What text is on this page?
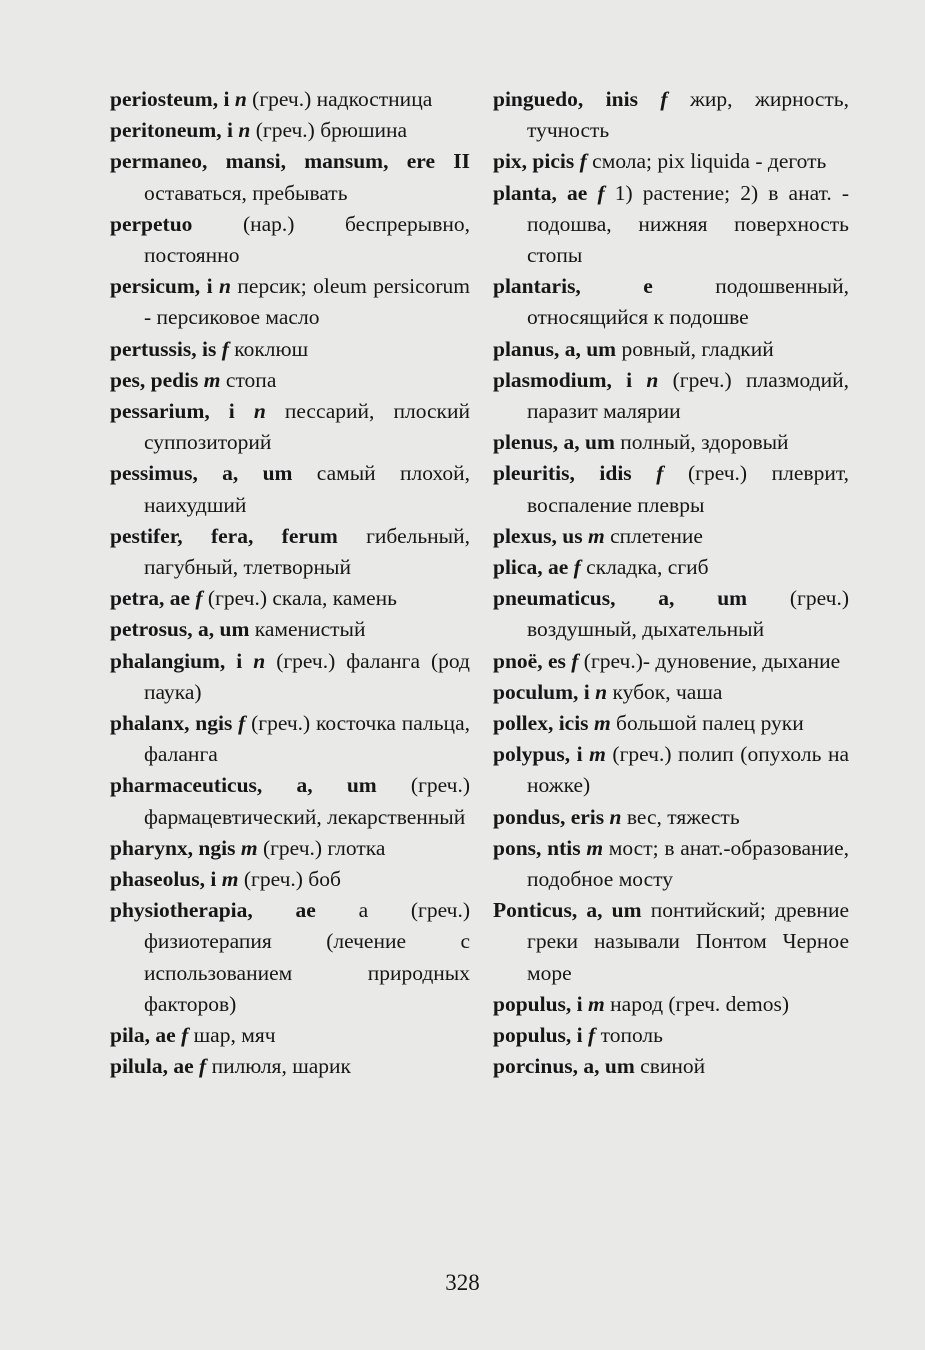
periosteum, i n (греч.) надкостница
peritoneum, i n (греч.) брюшина
permaneo, mansi, mansum, ere II оставаться, пребывать
perpetuo (нар.) беспрерывно, постоянно
persicum, i n персик; oleum persicorum - персиковое масло
pertussis, is f коклюш
pes, pedis m стопа
pessarium, i n пессарий, плоский суппозиторий
pessimus, a, um самый плохой, наихудший
pestifer, fera, ferum гибельный, пагубный, тлетворный
petra, ae f (греч.) скала, камень
petrosus, a, um каменистый
phalangium, i n (греч.) фаланга (род паука)
phalanx, ngis f (греч.) косточка пальца, фаланга
pharmaceuticus, a, um (греч.) фармацевтический, лекарственный
pharynx, ngis m (греч.) глотка
phaseolus, i m (греч.) боб
physiotherapia, ae а (греч.) физиотерапия (лечение с использованием природных факторов)
pila, ae f шар, мяч
pilula, ae f пилюля, шарик
pinguedo, inis f жир, жирность, тучность
pix, picis f смола; pix liquida - деготь
planta, ae f 1) растение; 2) в анат. - подошва, нижняя поверхность стопы
plantaris, e подошвенный, относящийся к подошве
planus, a, um ровный, гладкий
plasmodium, i n (греч.) плазмодий, паразит малярии
plenus, a, um полный, здоровый
pleuritis, idis f (греч.) плеврит, воспаление плевры
plexus, us m сплетение
plica, ae f складка, сгиб
pneumaticus, a, um (греч.) воздушный, дыхательный
pnoë, es f (греч.)- дуновение, дыхание
poculum, i n кубок, чаша
pollex, icis m большой палец руки
polypus, i m (греч.) полип (опухоль на ножке)
pondus, eris n вес, тяжесть
pons, ntis m мост; в анат.-образование, подобное мосту
Ponticus, a, um понтийский; древние греки называли Понтом Черное море
populus, i m народ (греч. demos)
populus, i f тополь
porcinus, a, um свиной
328
